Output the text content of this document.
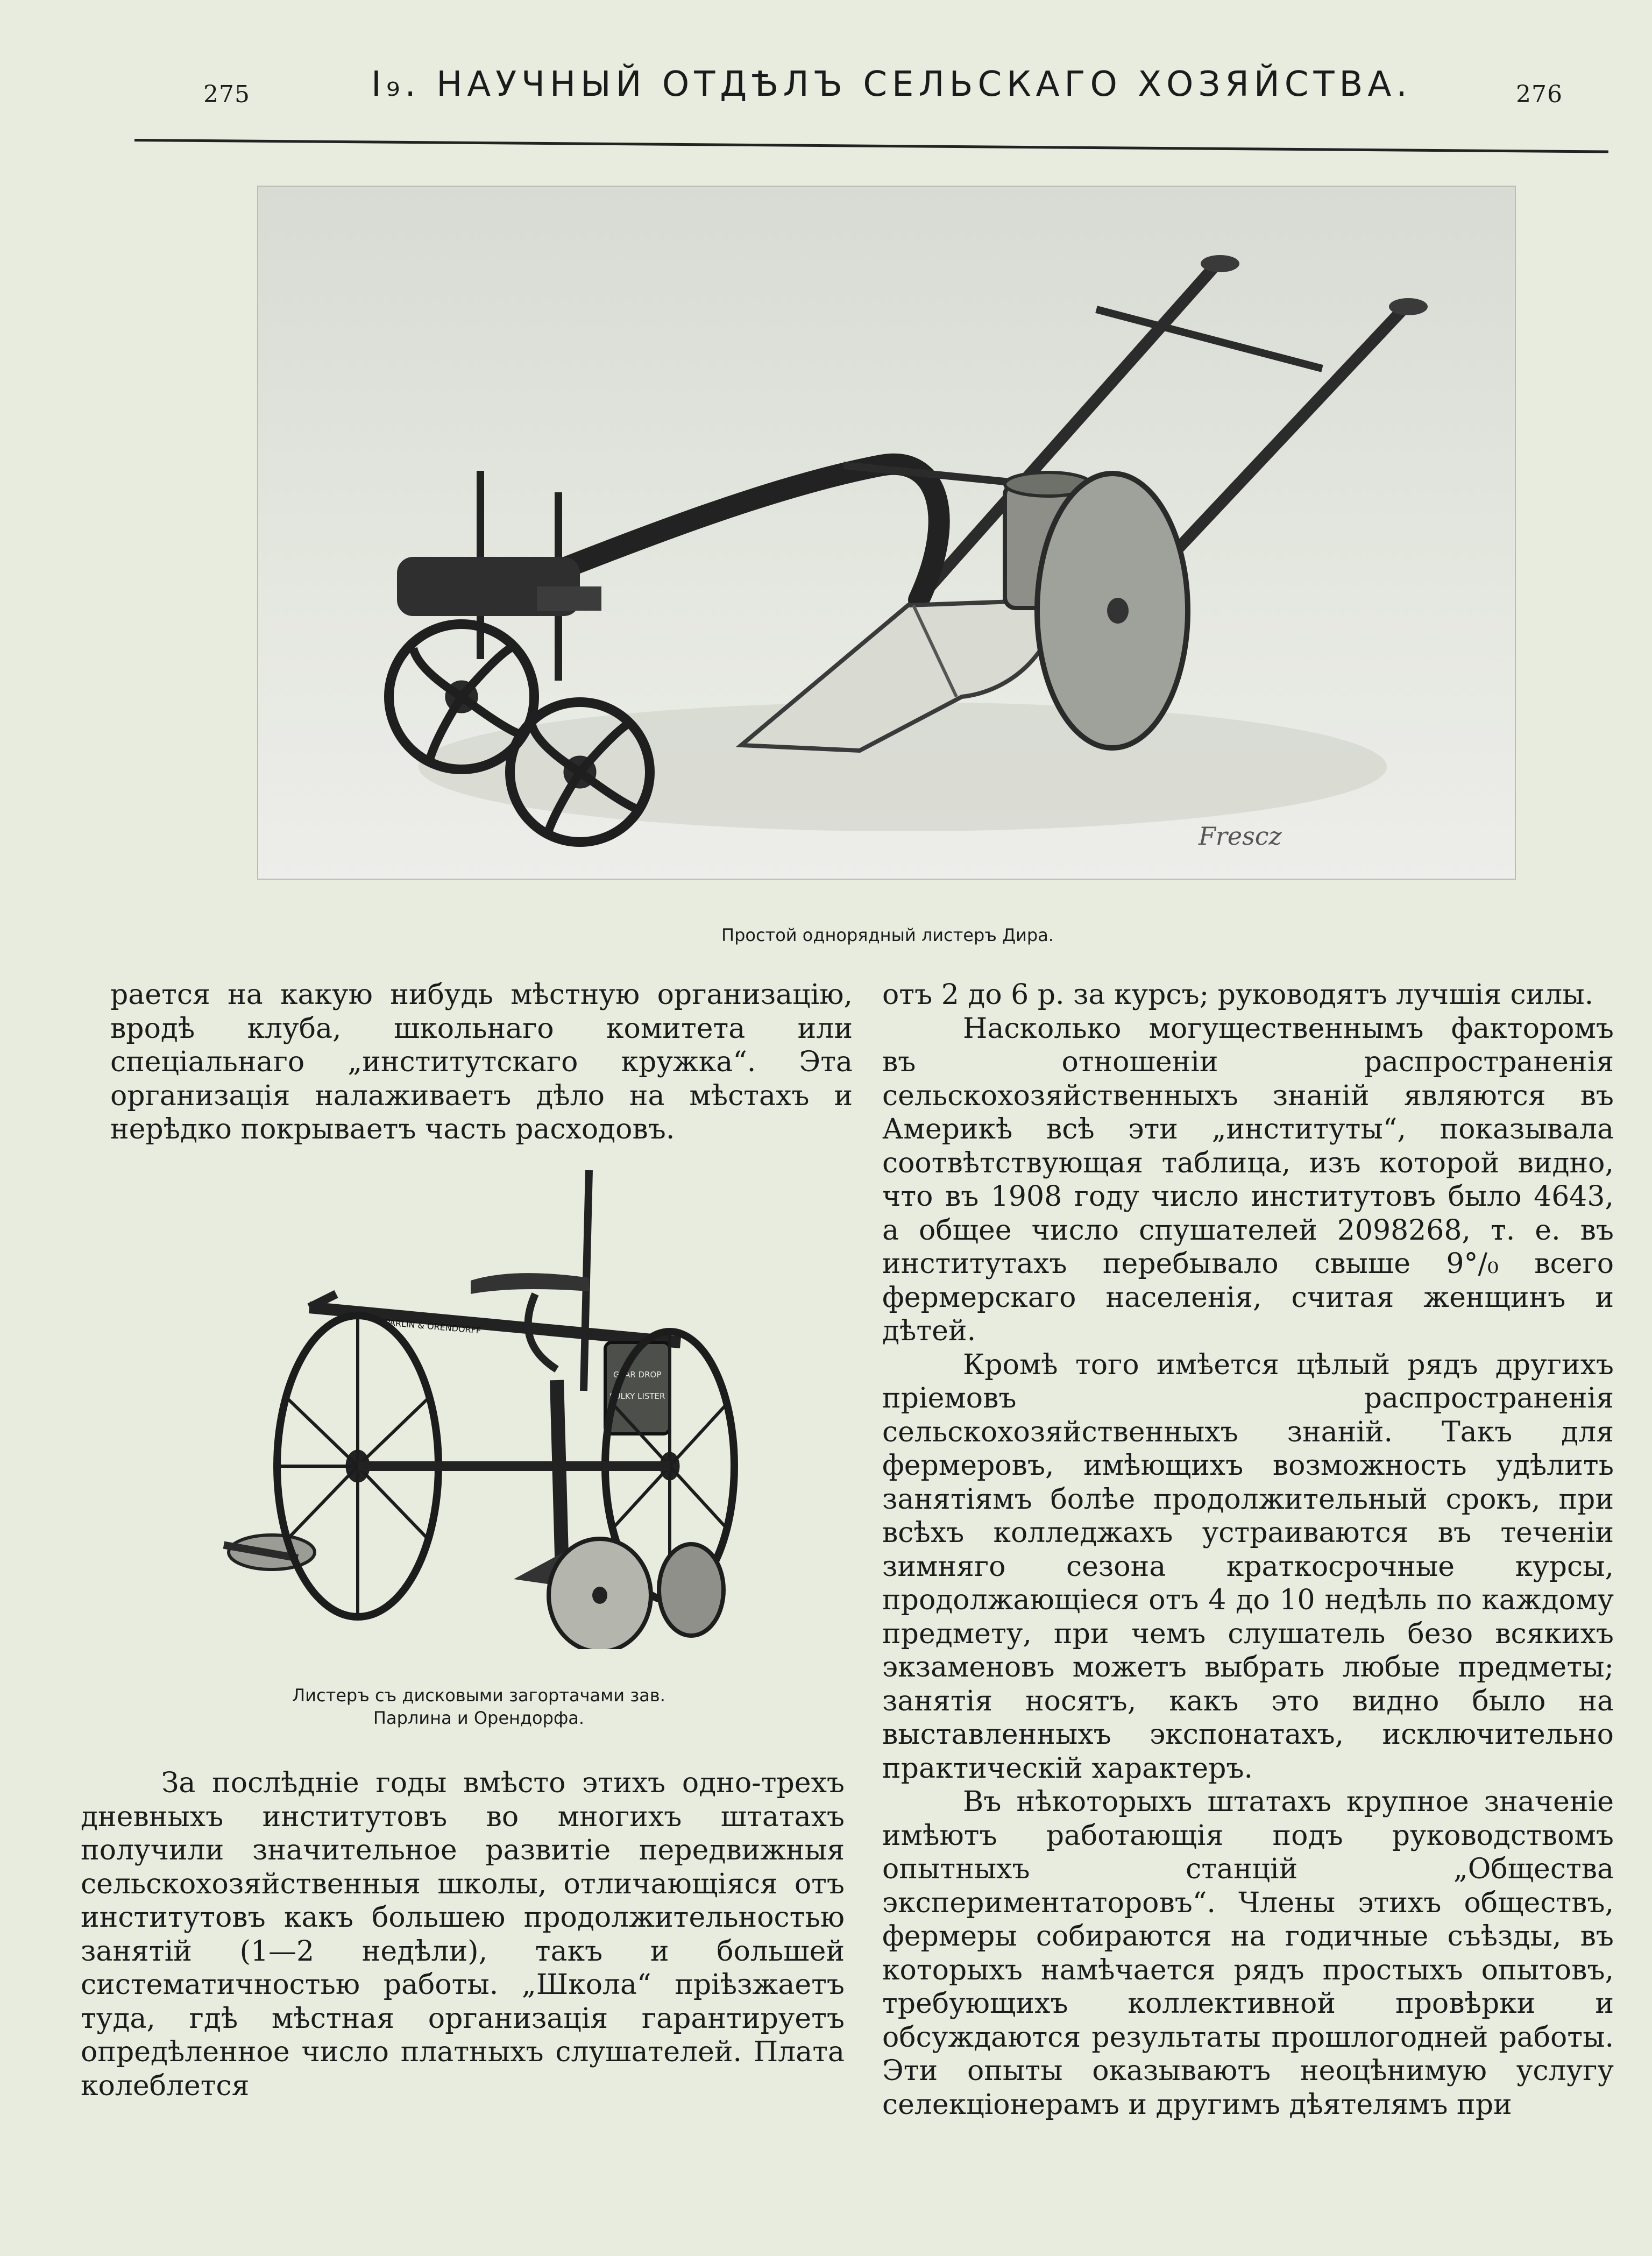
275	I₉. НАУЧНЫЙ ОТДѢЛЪ СЕЛЬСКАГО ХОЗЯЙСТВА.	276
Frescz
Простой однорядный листеръ Дира.

рается на какую нибудь мѣстную организацію, вродѣ клуба, школьнаго комитета или спеціальнаго „институтскаго кружка“. Эта организація налаживаетъ дѣло на мѣстахъ и нерѣдко покрываетъ часть расходовъ.

PARLIN & ORENDORFF
GEAR DROP
SULKY LISTER
Листеръ съ дисковыми загортачами зав.
Парлина и Орендорфа.

За послѣдніе годы вмѣсто этихъ одно-трехъ дневныхъ институтовъ во многихъ штатахъ получили значительное развитіе передвижныя сельскохозяйственныя школы, отличающіяся отъ институтовъ какъ большею продолжительностью занятій (1—2 недѣли), такъ и большей систематичностью работы. „Школа“ пріѣзжаетъ туда, гдѣ мѣстная организація гарантируетъ опредѣленное число платныхъ слушателей. Плата колеблется

отъ 2 до 6 р. за курсъ; руководятъ лучшія силы.

Насколько могущественнымъ факторомъ въ отношеніи распространенія сельскохозяйственныхъ знаній являются въ Америкѣ всѣ эти „институты“, показывала соотвѣтствующая таблица, изъ которой видно, что въ 1908 году число институтовъ было 4643, а общее число спушателей 2098268, т. е. въ институтахъ перебывало свыше 9°/₀ всего фермерскаго населенія, считая женщинъ и дѣтей.

Кромѣ того имѣется цѣлый рядъ другихъ пріемовъ распространенія сельскохозяйственныхъ знаній. Такъ для фермеровъ, имѣющихъ возможность удѣлить занятіямъ болѣе продолжительный срокъ, при всѣхъ колледжахъ устраиваются въ теченіи зимняго сезона краткосрочные курсы, продолжающіеся отъ 4 до 10 недѣль по каждому предмету, при чемъ слушатель безо всякихъ экзаменовъ можетъ выбрать любые предметы; занятія носятъ, какъ это видно было на выставленныхъ экспонатахъ, исключительно практическій характеръ.

Въ нѣкоторыхъ штатахъ крупное значеніе имѣютъ работающія подъ руководствомъ опытныхъ станцій „Общества экспериментаторовъ“. Члены этихъ обществъ, фермеры собираются на годичные съѣзды, въ которыхъ намѣчается рядъ простыхъ опытовъ, требующихъ коллективной провѣрки и обсуждаются результаты прошлогодней работы. Эти опыты оказываютъ неоцѣнимую услугу селекціонерамъ и другимъ дѣятелямъ при
